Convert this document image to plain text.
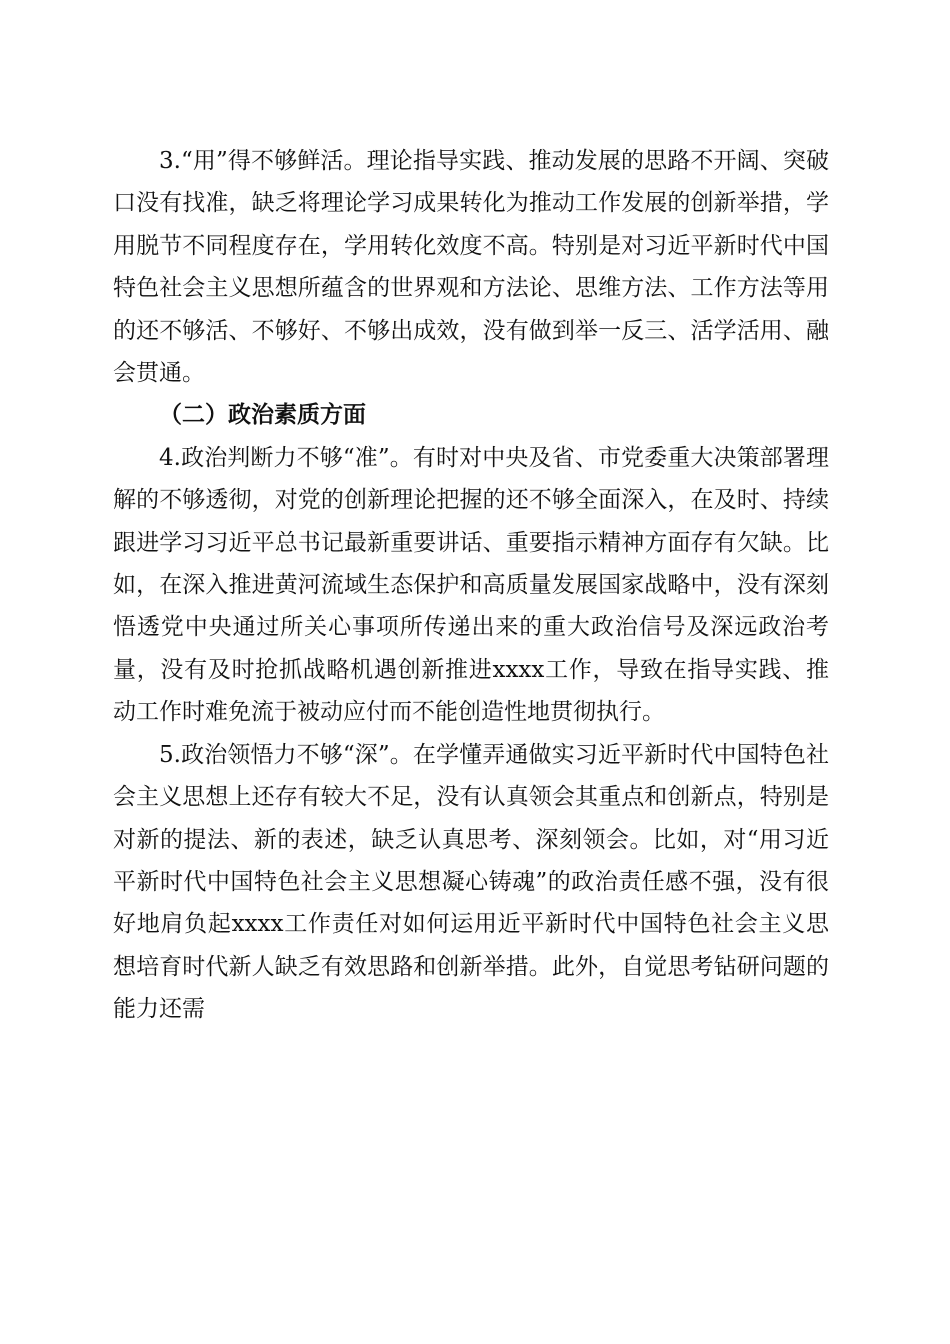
3.“用”得不够鲜活。理论指导实践、推动发展的思路不开阔、突破口没有找准，缺乏将理论学习成果转化为推动工作发展的创新举措，学用脱节不同程度存在，学用转化效度不高。特别是对习近平新时代中国特色社会主义思想所蕴含的世界观和方法论、思维方法、工作方法等用的还不够活、不够好、不够出成效，没有做到举一反三、活学活用、融会贯通。

（二）政治素质方面

4.政治判断力不够“准”。有时对中央及省、市党委重大决策部署理解的不够透彻，对党的创新理论把握的还不够全面深入，在及时、持续跟进学习习近平总书记最新重要讲话、重要指示精神方面存有欠缺。比如，在深入推进黄河流域生态保护和高质量发展国家战略中，没有深刻悟透党中央通过所关心事项所传递出来的重大政治信号及深远政治考量，没有及时抢抓战略机遇创新推进xxxx工作，导致在指导实践、推动工作时难免流于被动应付而不能创造性地贯彻执行。

5.政治领悟力不够“深”。在学懂弄通做实习近平新时代中国特色社会主义思想上还存有较大不足，没有认真领会其重点和创新点，特别是对新的提法、新的表述，缺乏认真思考、深刻领会。比如，对“用习近平新时代中国特色社会主义思想凝心铸魂”的政治责任感不强，没有很好地肩负起xxxx工作责任对如何运用近平新时代中国特色社会主义思想培育时代新人缺乏有效思路和创新举措。此外，自觉思考钻研问题的能力还需
